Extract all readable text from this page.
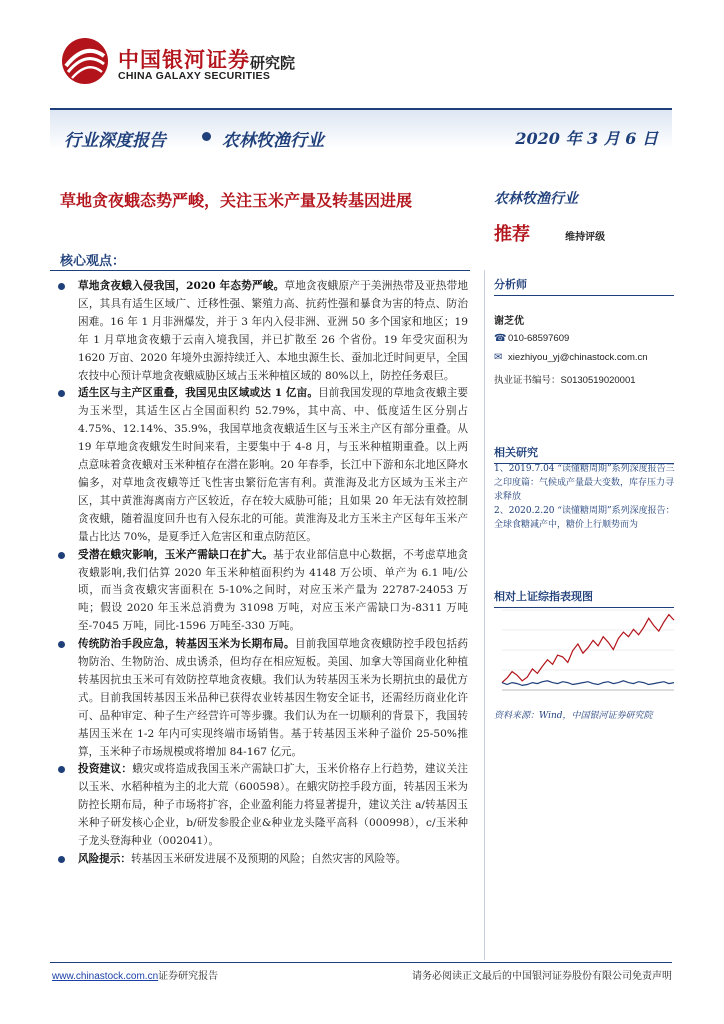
中国银河证券
CHINA GALAXY SECURITIES
研究院
行业深度报告	农林牧渔行业	2020 年 3 月 6 日
草地贪夜蛾态势严峻，关注玉米产量及转基因进展
核心观点：
草地贪夜蛾入侵我国，2020 年态势严峻。草地贪夜蛾原产于美洲热带及亚热带地区，其具有适生区域广、迁移性强、繁殖力高、抗药性强和暴食为害的特点、防治困难。16 年 1 月非洲爆发，并于 3 年内入侵非洲、亚洲 50 多个国家和地区；19 年 1 月草地贪夜蛾于云南入境我国，并已扩散至 26 个省份。19 年受灾面积为 1620 万亩、2020 年境外虫源持续迁入、本地虫源生长、蚕加北迁时间更早，全国农技中心预计草地贪夜蛾威胁区域占玉米种植区域的 80%以上，防控任务艰巨。
适生区与主产区重叠，我国见虫区域或达 1 亿亩。目前我国发现的草地贪夜蛾主要为玉米型，其适生区占全国面积约 52.79%，其中高、中、低度适生区分别占 4.75%、12.14%、35.9%，我国草地贪夜蛾适生区与玉米主产区有部分重叠。从 19 年草地贪夜蛾发生时间来看，主要集中于 4-8 月，与玉米种植期重叠。以上两点意味着贪夜蛾对玉米种植存在潜在影响。20 年春季，长江中下游和东北地区降水偏多，对草地贪夜蛾等迁飞性害虫繁衍危害有利。黄淮海及北方区域为玉米主产区，其中黄淮海离南方产区较近，存在较大威胁可能；且如果 20 年无法有效控制贪夜蛾，随着温度回升也有入侵东北的可能。黄淮海及北方玉米主产区每年玉米产量占比达 70%，是夏季迁入危害区和重点防范区。
受潜在蛾灾影响，玉米产需缺口在扩大。基于农业部信息中心数据，不考虑草地贪夜蛾影响,我们估算 2020 年玉米种植面积约为 4148 万公顷、单产为 6.1 吨/公顷，而当贪夜蛾灾害面积在 5-10%之间时，对应玉米产量为 22787-24053 万吨；假设 2020 年玉米总消费为 31098 万吨，对应玉米产需缺口为-8311 万吨至-7045 万吨，同比-1596 万吨至-330 万吨。
传统防治手段应急，转基因玉米为长期布局。目前我国草地贪夜蛾防控手段包括药物防治、生物防治、成虫诱杀，但均存在相应短板。美国、加拿大等国商业化种植转基因抗虫玉米可有效防控草地贪夜蛾。我们认为转基因玉米为长期抗虫的最优方式。目前我国转基因玉米品种已获得农业转基因生物安全证书，还需经历商业化许可、品种审定、种子生产经营许可等步骤。我们认为在一切顺利的背景下，我国转基因玉米在 1-2 年内可实现终端市场销售。基于转基因玉米种子溢价 25-50%推算，玉米种子市场规模或将增加 84-167 亿元。
投资建议：蛾灾或将造成我国玉米产需缺口扩大，玉米价格存上行趋势，建议关注以玉米、水稻种植为主的北大荒（600598）。在蛾灾防控手段方面，转基因玉米为防控长期布局，种子市场将扩容，企业盈利能力将显著提升，建议关注 a/转基因玉米种子研发核心企业，b/研发参股企业&种业龙头隆平高科（000998），c/玉米种子龙头登海种业（002041）。
风险提示：转基因玉米研发进展不及预期的风险；自然灾害的风险等。
农林牧渔行业
推荐	维持评级
分析师
谢芝优
☎ 010-68597609
✉ xiezhiyou_yj@chinastock.com.cn
执业证书编号：S0130519020001
相关研究
1、2019.7.04 “读懂糖周期”系列深度报告三之印度篇：气候成产量最大变数，库存压力寻求释放
2、2020.2.20 “读懂糖周期”系列深度报告：全球食糖减产中，糖价上行顺势而为
相对上证综指表现图
资料来源：Wind，中国银河证券研究院
www.chinastock.com.cn证券研究报告	请务必阅读正文最后的中国银河证券股份有限公司免责声明
